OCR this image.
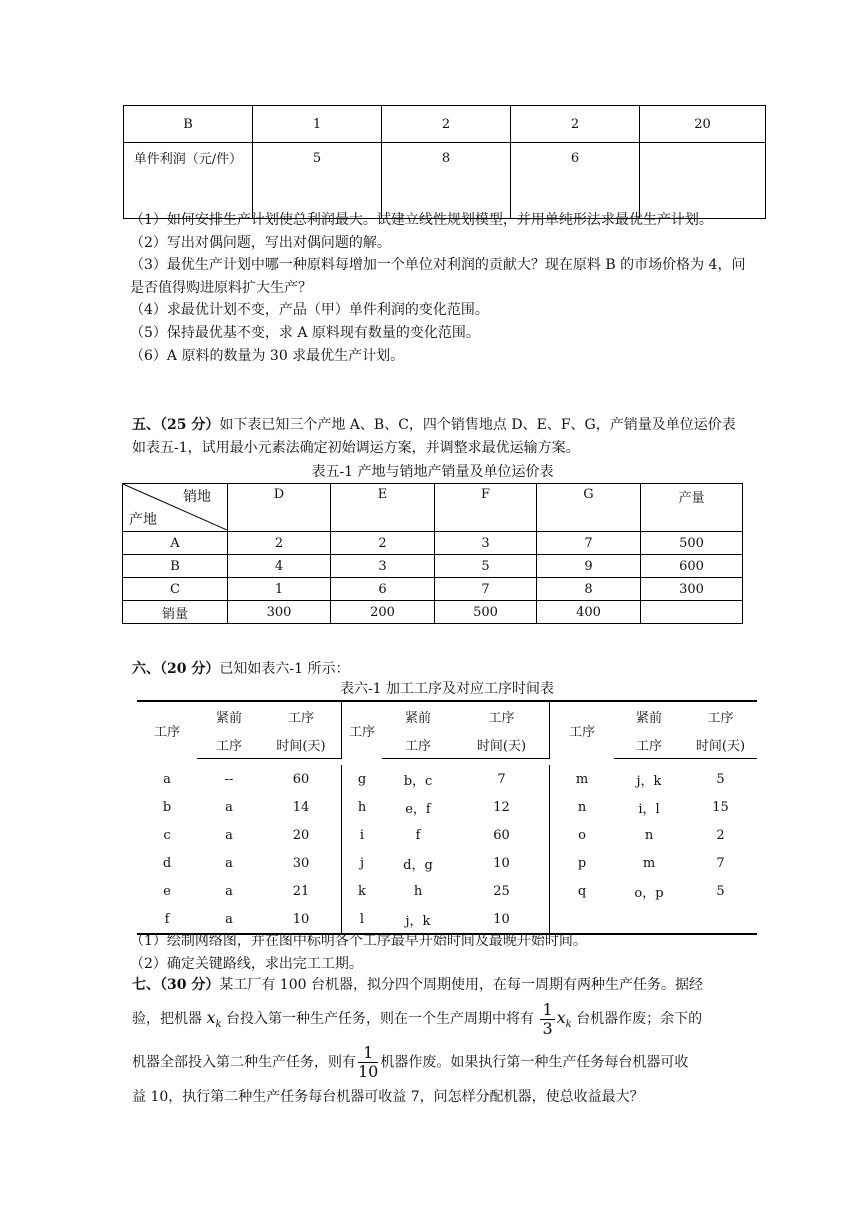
B	1	2	2	20
单件利润（元/件）	5	8	6	
（1）如何安排生产计划使总利润最大。试建立线性规划模型，并用单纯形法求最优生产计划。
（2）写出对偶问题，写出对偶问题的解。
（3）最优生产计划中哪一种原料每增加一个单位对利润的贡献大？现在原料 B 的市场价格为 4，问是否值得购进原料扩大生产？
（4）求最优计划不变，产品（甲）单件利润的变化范围。
（5）保持最优基不变，求 A 原料现有数量的变化范围。
（6）A 原料的数量为 30 求最优生产计划。
五、（25 分）如下表已知三个产地 A、B、C，四个销售地点 D、E、F、G，产销量及单位运价表如表五-1，试用最小元素法确定初始调运方案，并调整求最优运输方案。
表五-1 产地与销地产销量及单位运价表
销地
产地	D	E	F	G	产量
A	2	2	3	7	500
B	4	3	5	9	600
C	1	6	7	8	300
销量	300	200	500	400	
六、（20 分）已知如表六-1 所示：
表六-1 加工工序及对应工序时间表
工序	紧前	工序	工序	紧前	工序	工序	紧前	工序
	工序	时间(天)		工序	时间(天)		工序	时间(天)

a	--	60	g	b，c	7	m	j，k	5
b	a	14	h	e，f	12	n	i，l	15
c	a	20	i	f	60	o	n	2
d	a	30	j	d，g	10	p	m	7
e	a	21	k	h	25	q	o，p	5
f	a	10	l	j，k	10			
（1）绘制网络图，并在图中标明各个工序最早开始时间及最晚开始时间。
（2）确定关键路线，求出完工工期。
七、（30 分）某工厂有 100 台机器，拟分四个周期使用，在每一周期有两种生产任务。据经
验，把机器 $x_k$ 台投入第一种生产任务，则在一个生产周期中将有 $\frac{1}{3} x_k$ 台机器作废；余下的
机器全部投入第二种生产任务，则有 $\frac{1}{10}$ 机器作废。如果执行第一种生产任务每台机器可收
益 10，执行第二种生产任务每台机器可收益 7，问怎样分配机器，使总收益最大？
